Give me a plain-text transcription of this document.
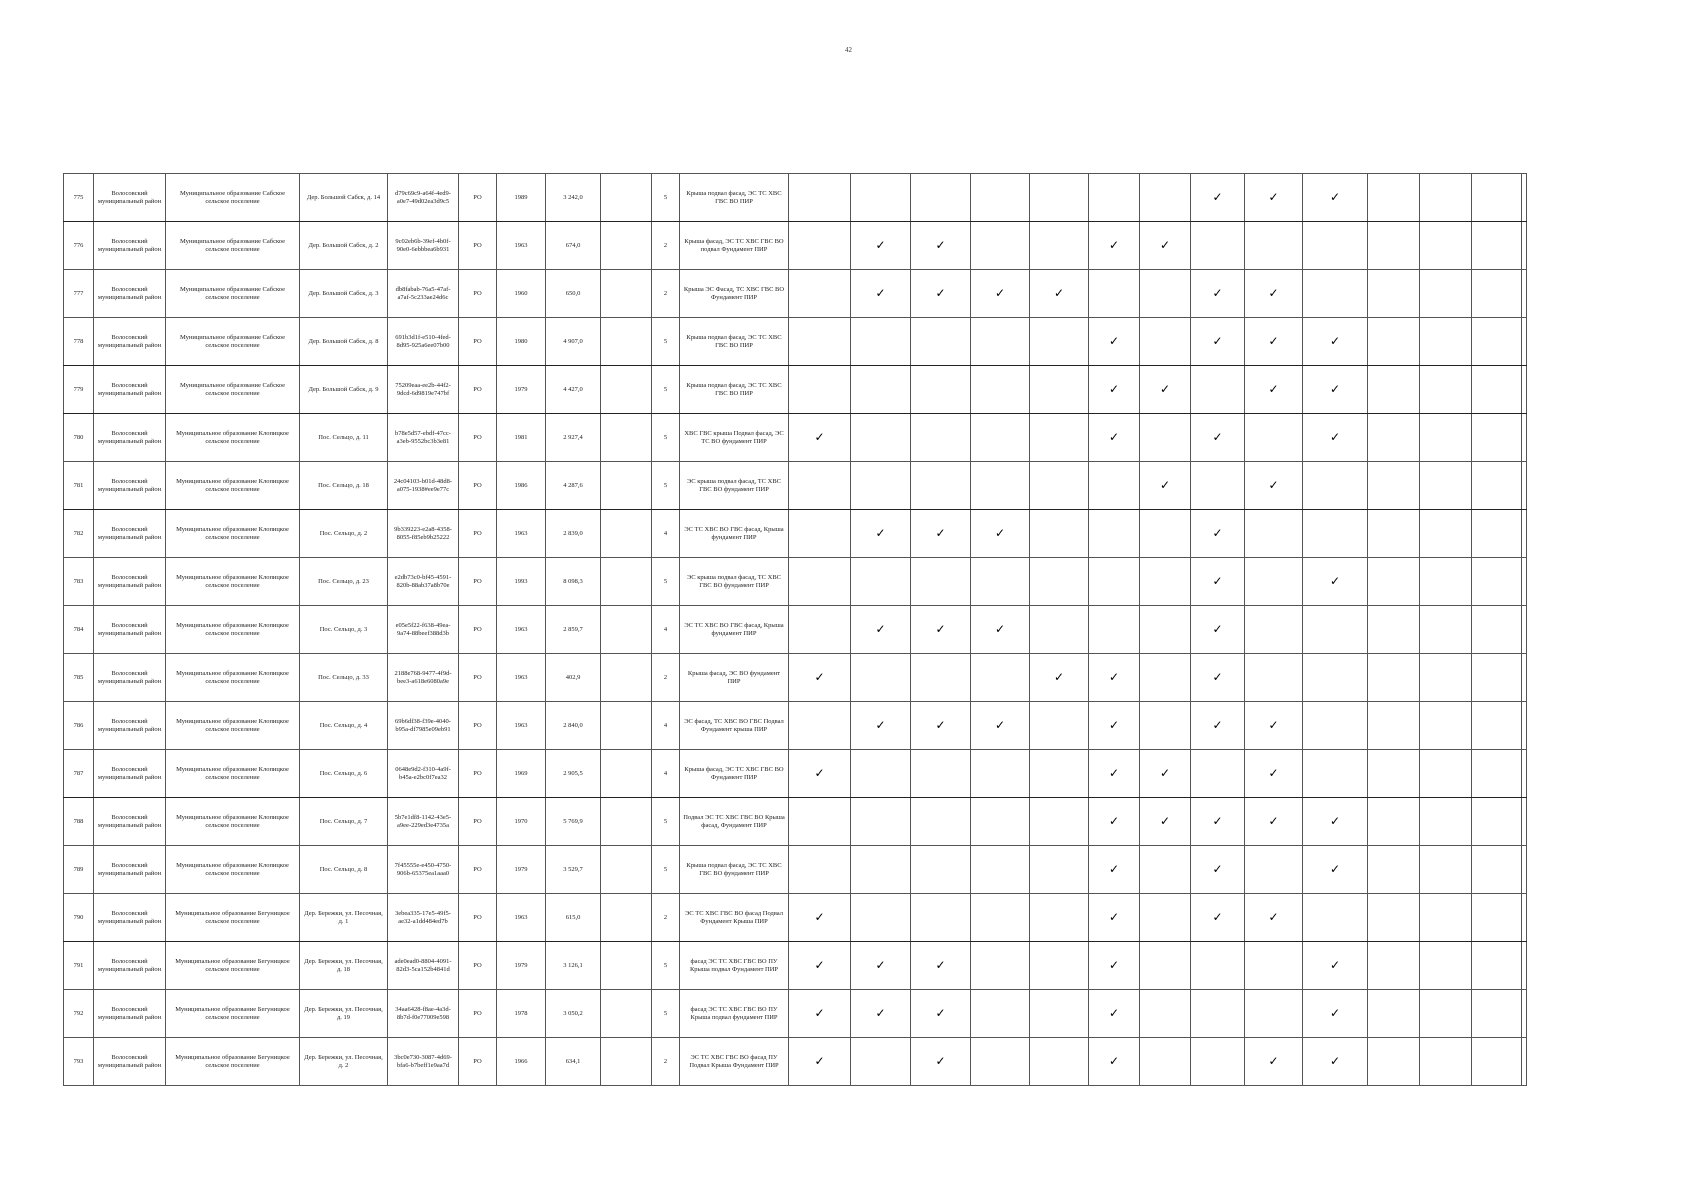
42
775	Волосовский муниципальный район	Муниципальное образование Сабское сельское поселение	Дер. Большой Сабск, д. 14	d79c69c9-a64f-4ed9-a0e7-49d02ea3d9c5	РО	1989	3 242,0		5	Крыша подвал фасад, ЭС ТС ХВС ГВС ВО ПИР								✓	✓	✓				
776	Волосовский муниципальный район	Муниципальное образование Сабское сельское поселение	Дер. Большой Сабск, д. 2	9c02eb6b-39ef-4b0f-90e0-6ebbbea6b931	РО	1963	674,0		2	Крыша фасад, ЭС ТС ХВС ГВС ВО подвал Фундамент ПИР		✓	✓			✓	✓							
777	Волосовский муниципальный район	Муниципальное образование Сабское сельское поселение	Дер. Большой Сабск, д. 3	db8fabab-76a5-47af-a7af-5c233ae24d6c	РО	1960	650,0		2	Крыша ЭС Фасад, ТС ХВС ГВС ВО Фундамент ПИР		✓	✓	✓	✓			✓	✓					
778	Волосовский муниципальный район	Муниципальное образование Сабское сельское поселение	Дер. Большой Сабск, д. 8	691b3d1f-e510-4fed-8d95-925a6ee07b00	РО	1980	4 907,0		5	Крыша подвал фасад, ЭС ТС ХВС ГВС ВО ПИР						✓		✓	✓	✓				
779	Волосовский муниципальный район	Муниципальное образование Сабское сельское поселение	Дер. Большой Сабск, д. 9	75209eaa-ee2b-44f2-9dcd-6d9819e747bf	РО	1979	4 427,0		5	Крыша подвал фасад, ЭС ТС ХВС ГВС ВО ПИР						✓	✓		✓	✓				
780	Волосовский муниципальный район	Муниципальное образование Клопицкое сельское поселение	Пос. Сельцо, д. 11	b78e5d57-ebdf-47cc-a3eb-9552bc3b3e81	РО	1981	2 927,4		5	ХВС ГВС крыша Подвал фасад, ЭС ТС ВО фундамент ПИР	✓					✓		✓		✓				
781	Волосовский муниципальный район	Муниципальное образование Клопицкое сельское поселение	Пос. Сельцо, д. 18	24c04103-b01d-48d8-a075-1938#ee9e77c	РО	1986	4 287,6		5	ЭС крыша подвал фасад, ТС ХВС ГВС ВО фундамент ПИР							✓		✓					
782	Волосовский муниципальный район	Муниципальное образование Клопицкое сельское поселение	Пос. Сельцо, д. 2	9b339223-e2a8-4358-8055-f85eb9b25222	РО	1963	2 839,0		4	ЭС ТС ХВС ВО ГВС фасад, Крыша фундамент ПИР		✓	✓	✓				✓						
783	Волосовский муниципальный район	Муниципальное образование Клопицкое сельское поселение	Пос. Сельцо, д. 23	e2db73c0-bf45-4591-820b-88ab37a8b70e	РО	1993	8 098,3		5	ЭС крыша подвал фасад, ТС ХВС ГВС ВО фундамент ПИР								✓		✓				
784	Волосовский муниципальный район	Муниципальное образование Клопицкое сельское поселение	Пос. Сельцо, д. 3	e05e5f22-f638-49ea-9a74-88beef388d3b	РО	1963	2 859,7		4	ЭС ТС ХВС ВО ГВС фасад, Крыша фундамент ПИР		✓	✓	✓				✓						
785	Волосовский муниципальный район	Муниципальное образование Клопицкое сельское поселение	Пос. Сельцо, д. 33	2188e768-9477-4f9d-bee3-a618e6080a9e	РО	1963	402,9		2	Крыша фасад, ЭС ВО фундамент ПИР	✓				✓	✓		✓						
786	Волосовский муниципальный район	Муниципальное образование Клопицкое сельское поселение	Пос. Сельцо, д. 4	69b6df38-f39e-4040-b95a-df7985e09eb91	РО	1963	2 840,0		4	ЭС фасад, ТС ХВС ВО ГВС Подвал Фундамент крыша ПИР		✓	✓	✓		✓		✓	✓					
787	Волосовский муниципальный район	Муниципальное образование Клопицкое сельское поселение	Пос. Сельцо, д. 6	0648e9d2-f310-4a9f-b45a-e2bc0f7ea32	РО	1969	2 905,5		4	Крыша фасад, ЭС ТС ХВС ГВС ВО Фундамент ПИР	✓					✓	✓		✓					
788	Волосовский муниципальный район	Муниципальное образование Клопицкое сельское поселение	Пос. Сельцо, д. 7	5b7e1df8-1142-43e5-a9ee-229ed3e4735a	РО	1970	5 769,9		5	Подвал ЭС ТС ХВС ГВС ВО Крыша фасад, Фундамент ПИР						✓	✓	✓	✓	✓				
789	Волосовский муниципальный район	Муниципальное образование Клопицкое сельское поселение	Пос. Сельцо, д. 8	7f45555e-e450-4750-906b-65375ea1aaa0	РО	1979	3 529,7		5	Крыша подвал фасад, ЭС ТС ХВС ГВС ВО фундамент ПИР						✓		✓		✓				
790	Волосовский муниципальный район	Муниципальное образование Бегуницкое сельское поселение	Дер. Бережки, ул. Песочная, д. 1	3ebea335-17e5-49f5-ae32-a1dd484ed7b	РО	1963	615,0		2	ЭС ТС ХВС ГВС ВО фасад Подвал Фундамент Крыша ПИР	✓					✓		✓	✓					
791	Волосовский муниципальный район	Муниципальное образование Бегуницкое сельское поселение	Дер. Бережки, ул. Песочная, д. 18	ade0ead0-8804-4091-82d3-5ca152b4841d	РО	1979	3 126,1		5	фасад ЭС ТС ХВС ГВС ВО ПУ Крыша подвал Фундамент ПИР	✓	✓	✓			✓				✓				
792	Волосовский муниципальный район	Муниципальное образование Бегуницкое сельское поселение	Дер. Бережки, ул. Песочная, д. 19	34aa6428-f8ae-4a3d-8b7d-f0e77009e598	РО	1978	3 050,2		5	фасад ЭС ТС ХВС ГВС ВО ПУ Крыша подвал фундамент ПИР	✓	✓	✓			✓				✓				
793	Волосовский муниципальный район	Муниципальное образование Бегуницкое сельское поселение	Дер. Бережки, ул. Песочная, д. 2	3bc0e730-3087-4d69-bfa6-b7beff1e9aa7d	РО	1966	634,1		2	ЭС ТС ХВС ГВС ВО фасад ПУ Подвал Крыша Фундамент ПИР	✓		✓			✓			✓	✓				
